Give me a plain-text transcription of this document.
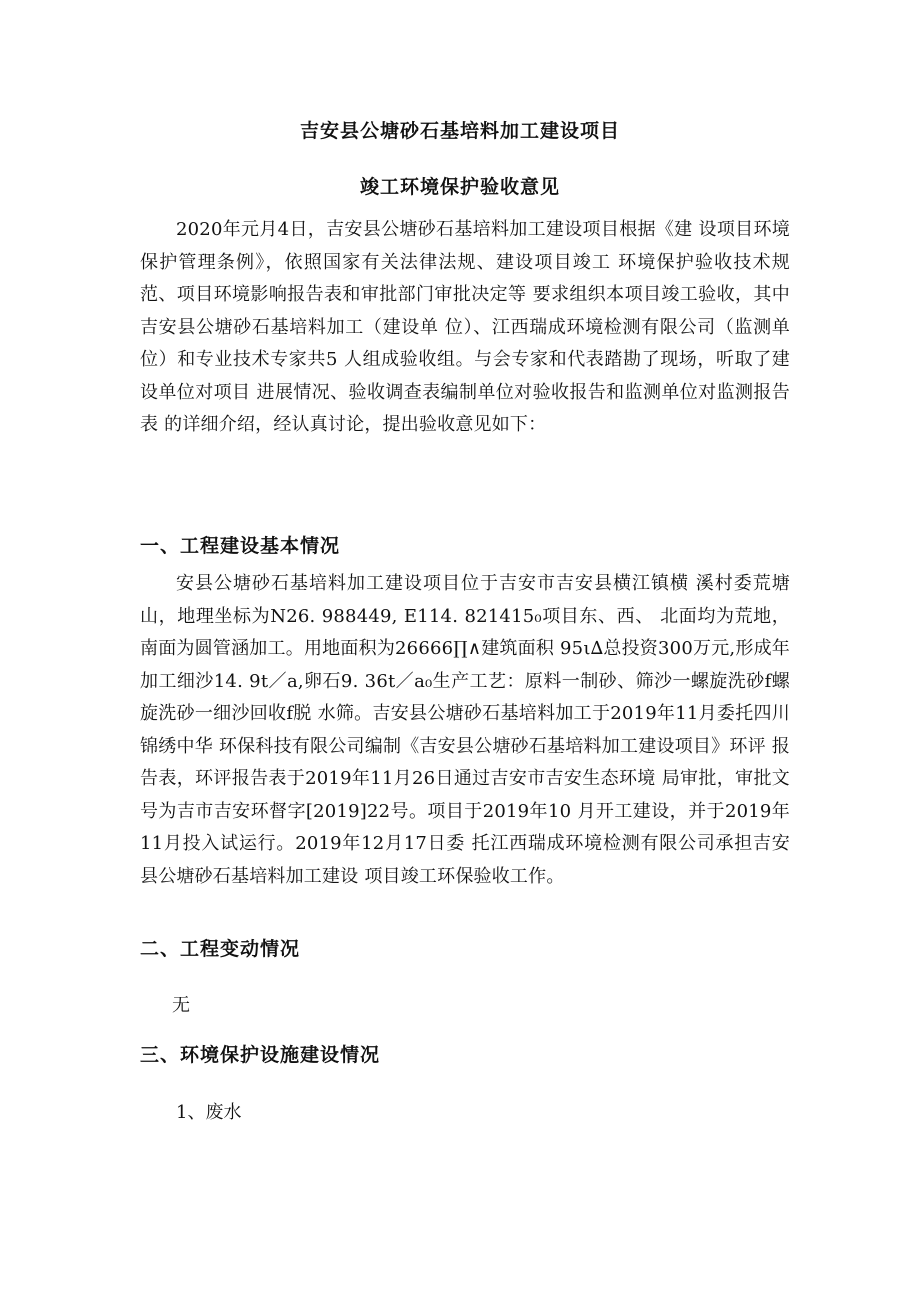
吉安县公塘砂石基培料加工建设项目
竣工环境保护验收意见

2020年元月4日，吉安县公塘砂石基培料加工建设项目根据《建 设项目环境保护管理条例》，依照国家有关法律法规、建设项目竣工 环境保护验收技术规范、项目环境影响报告表和审批部门审批决定等 要求组织本项目竣工验收，其中吉安县公塘砂石基培料加工（建设单 位）、江西瑞成环境检测有限公司（监测单位）和专业技术专家共5 人组成验收组。与会专家和代表踏勘了现场，听取了建设单位对项目 进展情况、验收调查表编制单位对验收报告和监测单位对监测报告表 的详细介绍，经认真讨论，提出验收意见如下：

一、工程建设基本情况

安县公塘砂石基培料加工建设项目位于吉安市吉安县横江镇横 溪村委荒塘山，地理坐标为N26. 988449, E114. 821415₀项目东、西、 北面均为荒地，南面为圆管涵加工。用地面积为26666∏∧建筑面积 95ι∆总投资300万元,形成年加工细沙14. 9t／a,卵石9. 36t／a₀生产工艺：原料一制砂、筛沙一螺旋洗砂f螺旋洗砂一细沙回收f脱 水筛。吉安县公塘砂石基培料加工于2019年11月委托四川锦绣中华 环保科技有限公司编制《吉安县公塘砂石基培料加工建设项目》环评 报告表，环评报告表于2019年11月26日通过吉安市吉安生态环境 局审批，审批文号为吉市吉安环督字[2019]22号。项目于2019年10 月开工建设，并于2019年11月投入试运行。2019年12月17日委 托江西瑞成环境检测有限公司承担吉安县公塘砂石基培料加工建设 项目竣工环保验收工作。

二、工程变动情况
无
三、环境保护设施建设情况
1、废水
